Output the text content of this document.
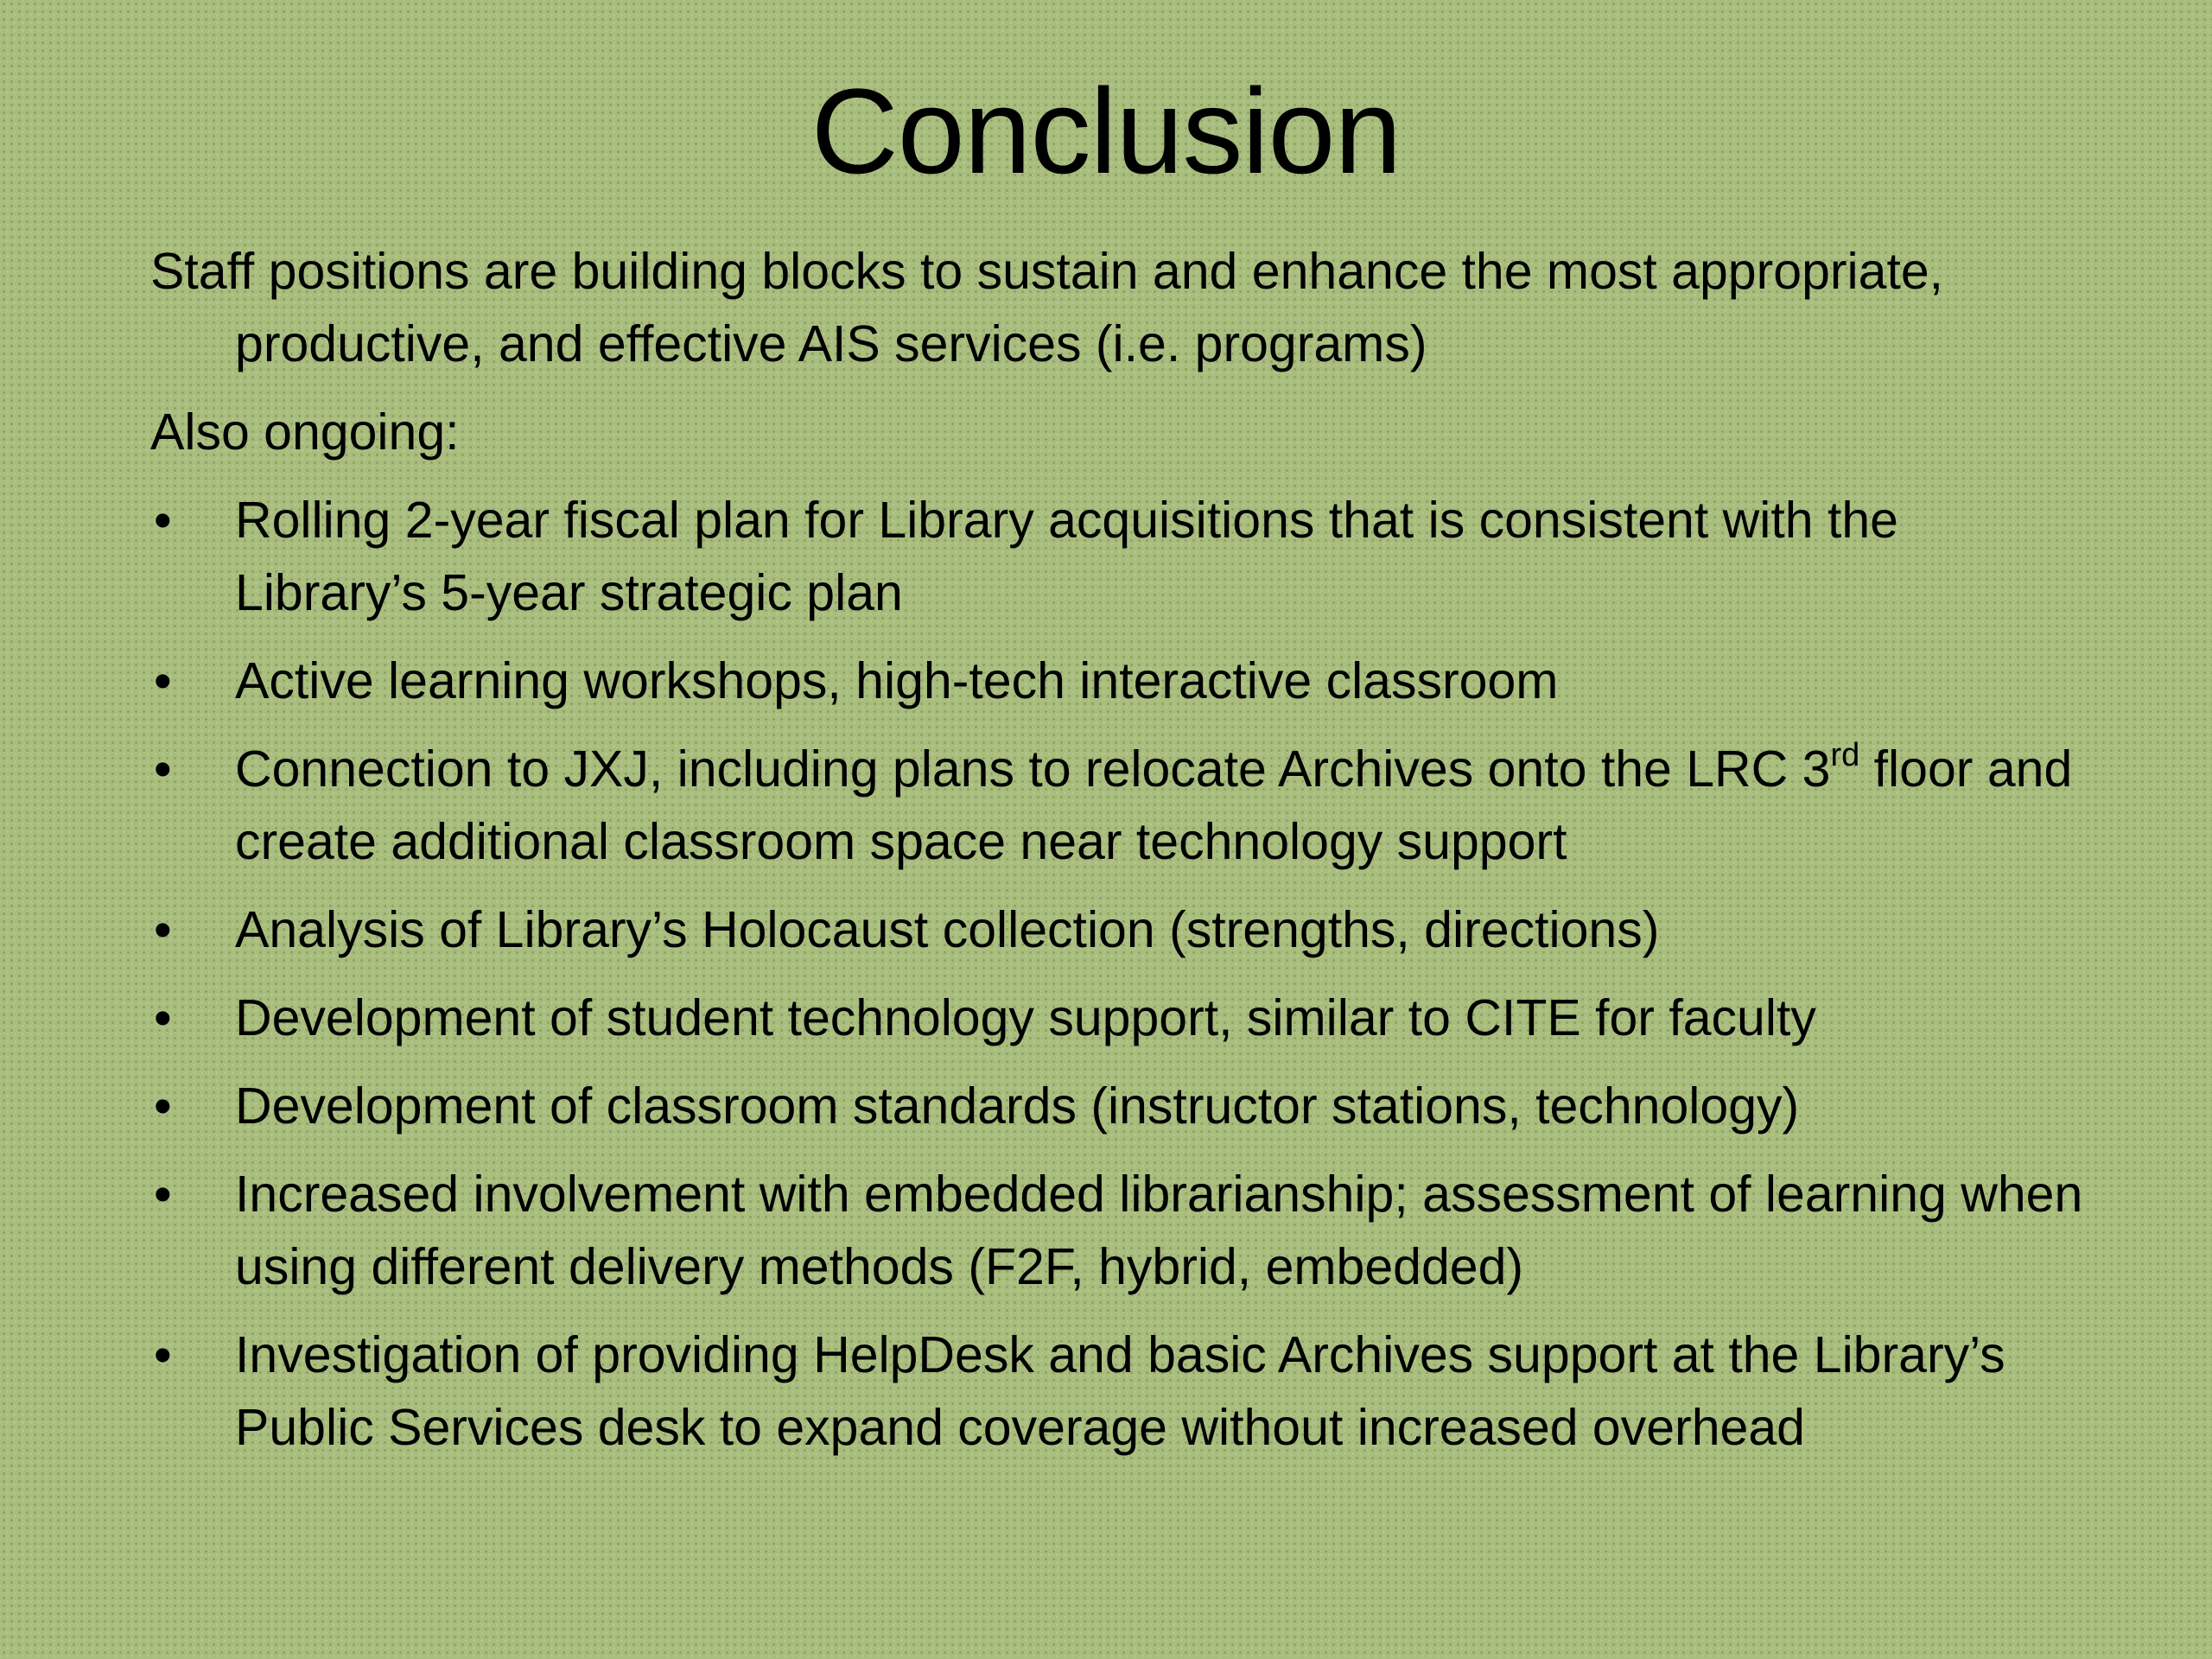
Conclusion

Staff positions are building blocks to sustain and enhance the most appropriate, productive, and effective AIS services (i.e. programs)

Also ongoing:

•	Rolling 2-year fiscal plan for Library acquisitions that is consistent with the Library’s 5-year strategic plan
•	Active learning workshops, high-tech interactive classroom
•	Connection to JXJ, including plans to relocate Archives onto the LRC 3rd floor and create additional classroom space near technology support
•	Analysis of Library’s Holocaust collection (strengths, directions)
•	Development of student technology support, similar to CITE for faculty
•	Development of classroom standards (instructor stations, technology)
•	Increased involvement with embedded librarianship; assessment of learning when using different delivery methods (F2F, hybrid, embedded)
•	Investigation of providing HelpDesk and basic Archives support at the Library’s Public Services desk to expand coverage without increased overhead
